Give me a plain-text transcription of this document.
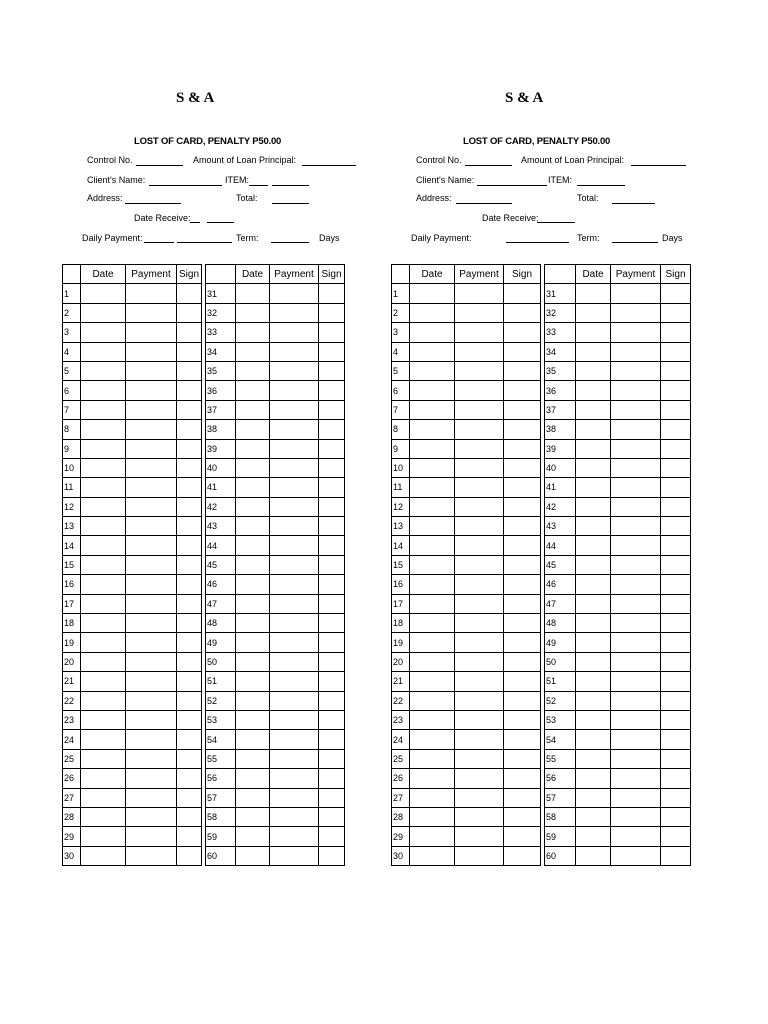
S & A
LOST OF CARD, PENALTY P50.00
Control No.	Amount of Loan Principal:
Client's Name:	ITEM:
Address:	Total:
Date Receive:
Daily Payment:	Term:	Days
	Date	Payment	Sign
1			
2			
3			
4			
5			
6			
7			
8			
9			
10			
11			
12			
13			
14			
15			
16			
17			
18			
19			
20			
21			
22			
23			
24			
25			
26			
27			
28			
29			
30			
	Date	Payment	Sign
31			
32			
33			
34			
35			
36			
37			
38			
39			
40			
41			
42			
43			
44			
45			
46			
47			
48			
49			
50			
51			
52			
53			
54			
55			
56			
57			
58			
59			
60			
S & A
LOST OF CARD, PENALTY P50.00
Control No.	Amount of Loan Principal:
Client's Name:	ITEM:
Address:	Total:
Date Receive:
Daily Payment:	Term:	Days
	Date	Payment	Sign
1			
2			
3			
4			
5			
6			
7			
8			
9			
10			
11			
12			
13			
14			
15			
16			
17			
18			
19			
20			
21			
22			
23			
24			
25			
26			
27			
28			
29			
30			
	Date	Payment	Sign
31			
32			
33			
34			
35			
36			
37			
38			
39			
40			
41			
42			
43			
44			
45			
46			
47			
48			
49			
50			
51			
52			
53			
54			
55			
56			
57			
58			
59			
60			
